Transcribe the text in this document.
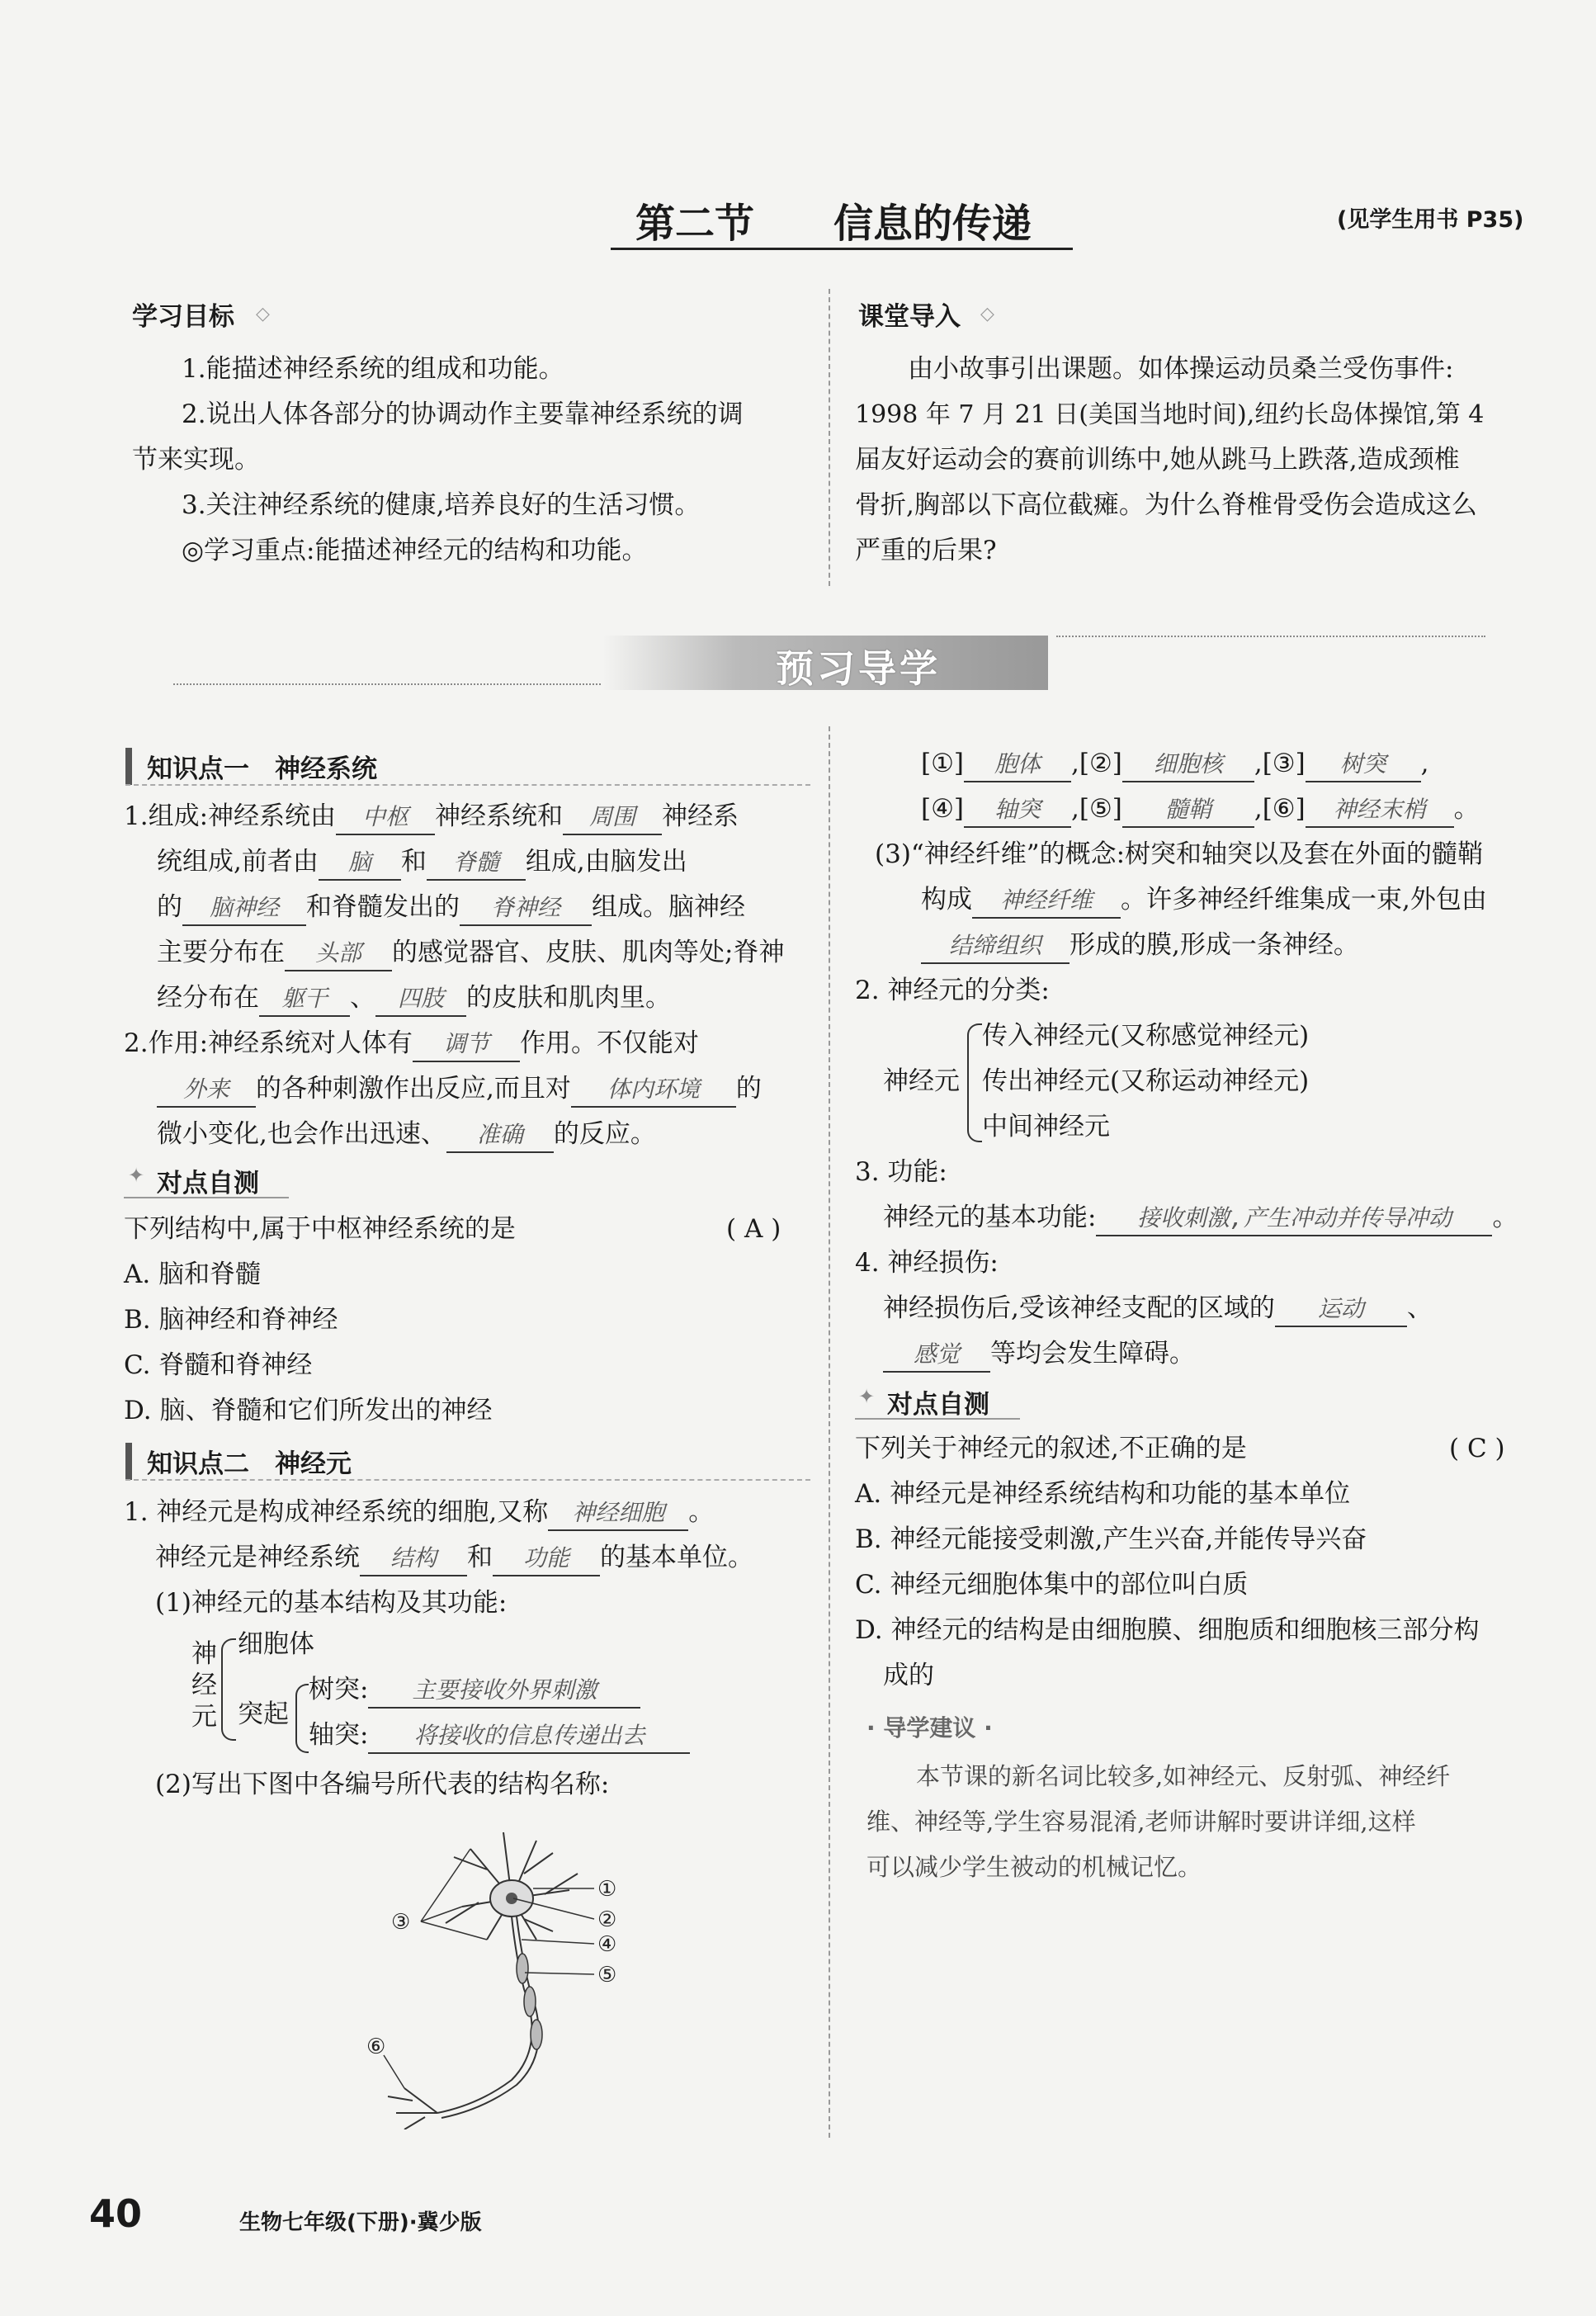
第二节 信息的传递	(见学生用书 P35)
学习目标 ◇
1.能描述神经系统的组成和功能。
2.说出人体各部分的协调动作主要靠神经系统的调
节来实现。
3.关注神经系统的健康,培养良好的生活习惯。
◎学习重点:能描述神经元的结构和功能。
课堂导入 ◇
由小故事引出课题。如体操运动员桑兰受伤事件:
1998 年 7 月 21 日(美国当地时间),纽约长岛体操馆,第 4
届友好运动会的赛前训练中,她从跳马上跌落,造成颈椎
骨折,胸部以下高位截瘫。为什么脊椎骨受伤会造成这么
严重的后果?
预习导学
知识点一　神经系统
1.组成:神经系统由 中枢 神经系统和 周围 神经系
统组成,前者由 脑 和 脊髓 组成,由脑发出
的 脑神经 和脊髓发出的 脊神经 组成。脑神经
主要分布在 头部 的感觉器官、皮肤、肌肉等处;脊神
经分布在 躯干 、 四肢 的皮肤和肌肉里。
2.作用:神经系统对人体有 调节 作用。不仅能对
外来 的各种刺激作出反应,而且对 体内环境 的
微小变化,也会作出迅速、 准确 的反应。
✦ 对点自测
下列结构中,属于中枢神经系统的是	( A )
A. 脑和脊髓
B. 脑神经和脊神经
C. 脊髓和脊神经
D. 脑、脊髓和它们所发出的神经
知识点二　神经元
1. 神经元是构成神经系统的细胞,又称 神经细胞 。
神经元是神经系统 结构 和 功能 的基本单位。
(1)神经元的基本结构及其功能:
神经元
细胞体
突起
树突: 主要接收外界刺激
轴突: 将接收的信息传递出去
(2)写出下图中各编号所代表的结构名称:
①
②
③
④
⑤
⑥
[①] 胞体 ,[②] 细胞核 ,[③] 树突 ,
[④] 轴突 ,[⑤] 髓鞘 ,[⑥] 神经末梢 。
(3)“神经纤维”的概念:树突和轴突以及套在外面的髓鞘
构成 神经纤维 。许多神经纤维集成一束,外包由
结缔组织 形成的膜,形成一条神经。
2. 神经元的分类:
神经元
传入神经元(又称感觉神经元)
传出神经元(又称运动神经元)
中间神经元
3. 功能:
神经元的基本功能: 接收刺激,产生冲动并传导冲动 。
4. 神经损伤:
神经损伤后,受该神经支配的区域的 运动 、
感觉 等均会发生障碍。
✦ 对点自测
下列关于神经元的叙述,不正确的是	( C )
A. 神经元是神经系统结构和功能的基本单位
B. 神经元能接受刺激,产生兴奋,并能传导兴奋
C. 神经元细胞体集中的部位叫白质
D. 神经元的结构是由细胞膜、细胞质和细胞核三部分构
成的
· 导学建议 ·
本节课的新名词比较多,如神经元、反射弧、神经纤
维、神经等,学生容易混淆,老师讲解时要讲详细,这样
可以减少学生被动的机械记忆。
40	生物七年级(下册)·冀少版
